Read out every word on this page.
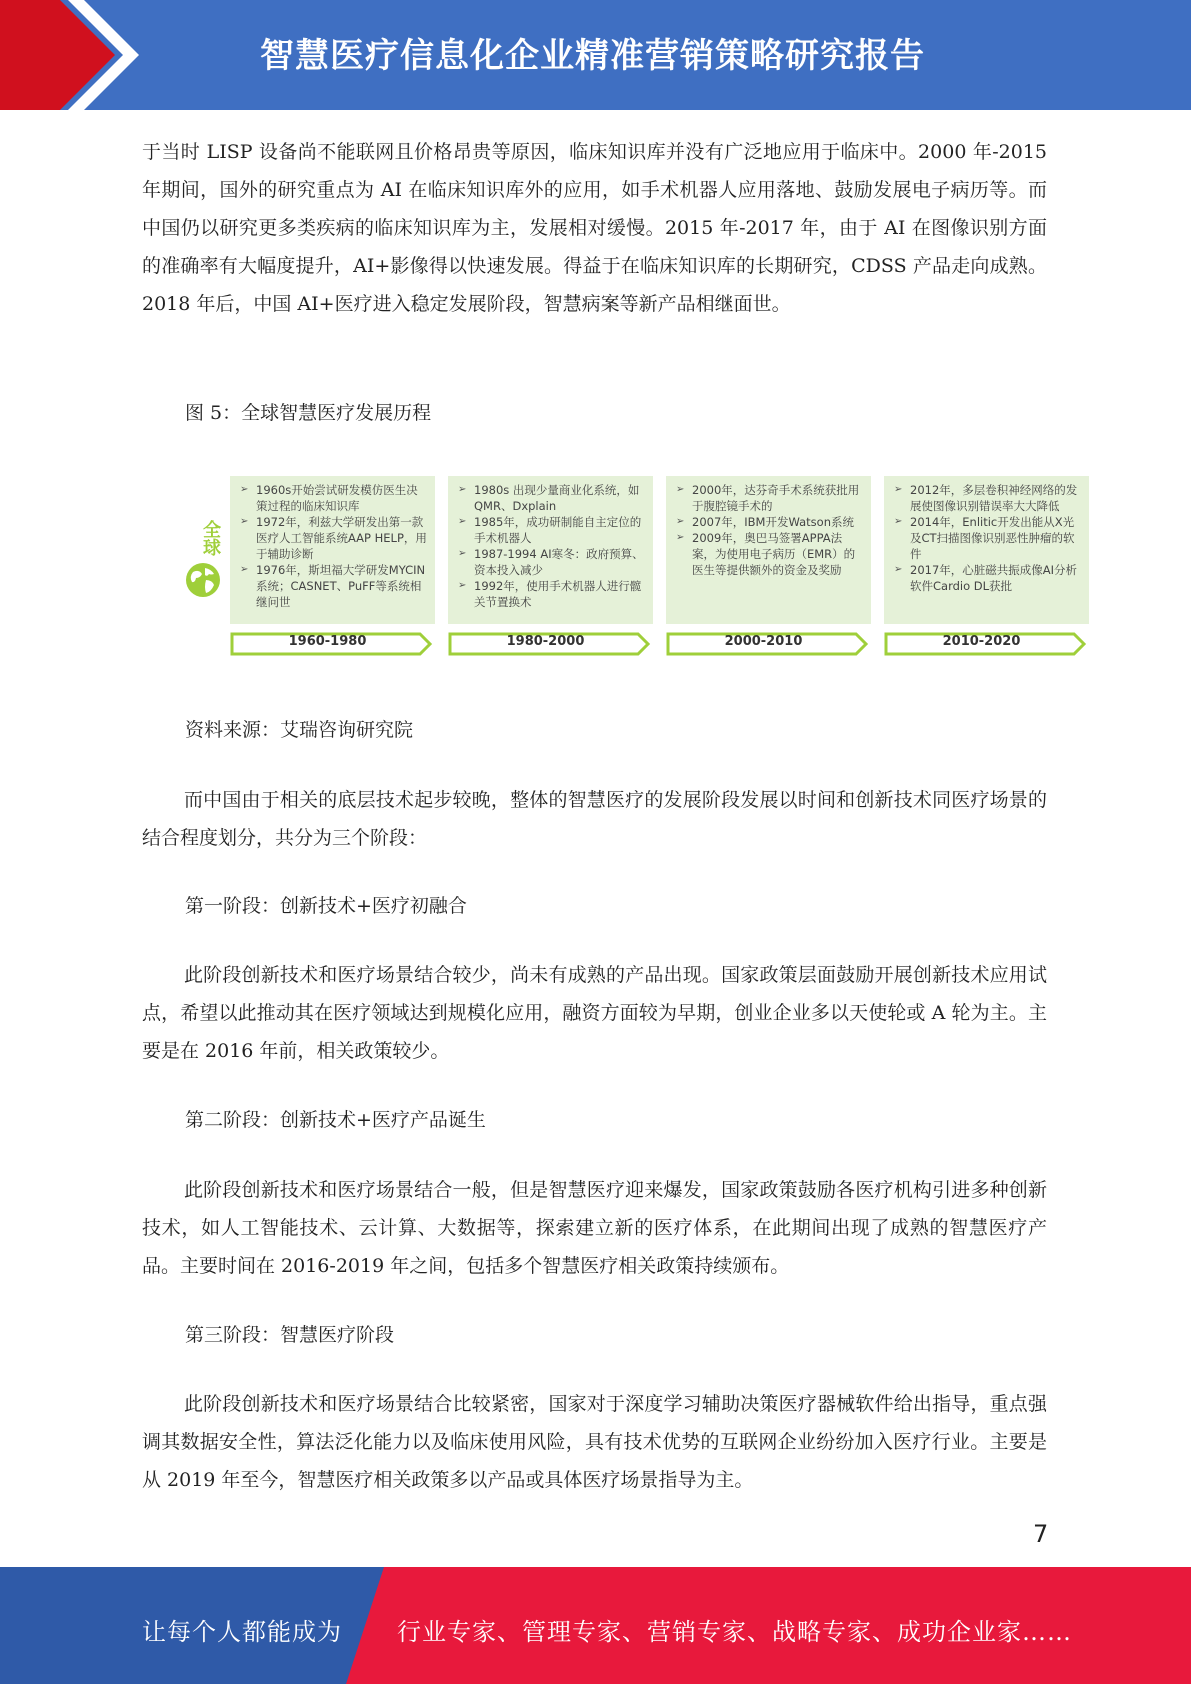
智慧医疗信息化企业精准营销策略研究报告

于当时 LISP 设备尚不能联网且价格昂贵等原因，临床知识库并没有广泛地应用于临床中。2000 年-2015 年期间，国外的研究重点为 AI 在临床知识库外的应用，如手术机器人应用落地、鼓励发展电子病历等。而中国仍以研究更多类疾病的临床知识库为主，发展相对缓慢。2015 年-2017 年，由于 AI 在图像识别方面的准确率有大幅度提升，AI+影像得以快速发展。得益于在临床知识库的长期研究，CDSS 产品走向成熟。2018 年后，中国 AI+医疗进入稳定发展阶段，智慧病案等新产品相继面世。

图 5：全球智慧医疗发展历程

全球
➢ 1960s开始尝试研发模仿医生决策过程的临床知识库
➢ 1972年，利兹大学研发出第一款医疗人工智能系统AAP HELP，用于辅助诊断
➢ 1976年，斯坦福大学研发MYCIN系统；CASNET、PuFF等系统相继问世
1960-1980
➢ 1980s 出现少量商业化系统，如QMR、Dxplain
➢ 1985年，成功研制能自主定位的手术机器人
➢ 1987-1994 AI寒冬：政府预算、资本投入减少
➢ 1992年，使用手术机器人进行髋关节置换术
1980-2000
➢ 2000年，达芬奇手术系统获批用于腹腔镜手术的
➢ 2007年，IBM开发Watson系统
➢ 2009年，奥巴马签署APPA法案，为使用电子病历（EMR）的医生等提供额外的资金及奖励
2000-2010
➢ 2012年，多层卷积神经网络的发展使图像识别错误率大大降低
➢ 2014年，Enlitic开发出能从X光及CT扫描图像识别恶性肿瘤的软件
➢ 2017年，心脏磁共振成像AI分析软件Cardio DL获批
2010-2020

资料来源：艾瑞咨询研究院

而中国由于相关的底层技术起步较晚，整体的智慧医疗的发展阶段发展以时间和创新技术同医疗场景的结合程度划分，共分为三个阶段：

第一阶段：创新技术+医疗初融合

此阶段创新技术和医疗场景结合较少，尚未有成熟的产品出现。国家政策层面鼓励开展创新技术应用试点，希望以此推动其在医疗领域达到规模化应用，融资方面较为早期，创业企业多以天使轮或 A 轮为主。主要是在 2016 年前，相关政策较少。

第二阶段：创新技术+医疗产品诞生

此阶段创新技术和医疗场景结合一般，但是智慧医疗迎来爆发，国家政策鼓励各医疗机构引进多种创新技术，如人工智能技术、云计算、大数据等，探索建立新的医疗体系，在此期间出现了成熟的智慧医疗产品。主要时间在 2016-2019 年之间，包括多个智慧医疗相关政策持续颁布。

第三阶段：智慧医疗阶段

此阶段创新技术和医疗场景结合比较紧密，国家对于深度学习辅助决策医疗器械软件给出指导，重点强调其数据安全性，算法泛化能力以及临床使用风险，具有技术优势的互联网企业纷纷加入医疗行业。主要是从 2019 年至今，智慧医疗相关政策多以产品或具体医疗场景指导为主。

7
让每个人都能成为 行业专家、管理专家、营销专家、战略专家、成功企业家……
